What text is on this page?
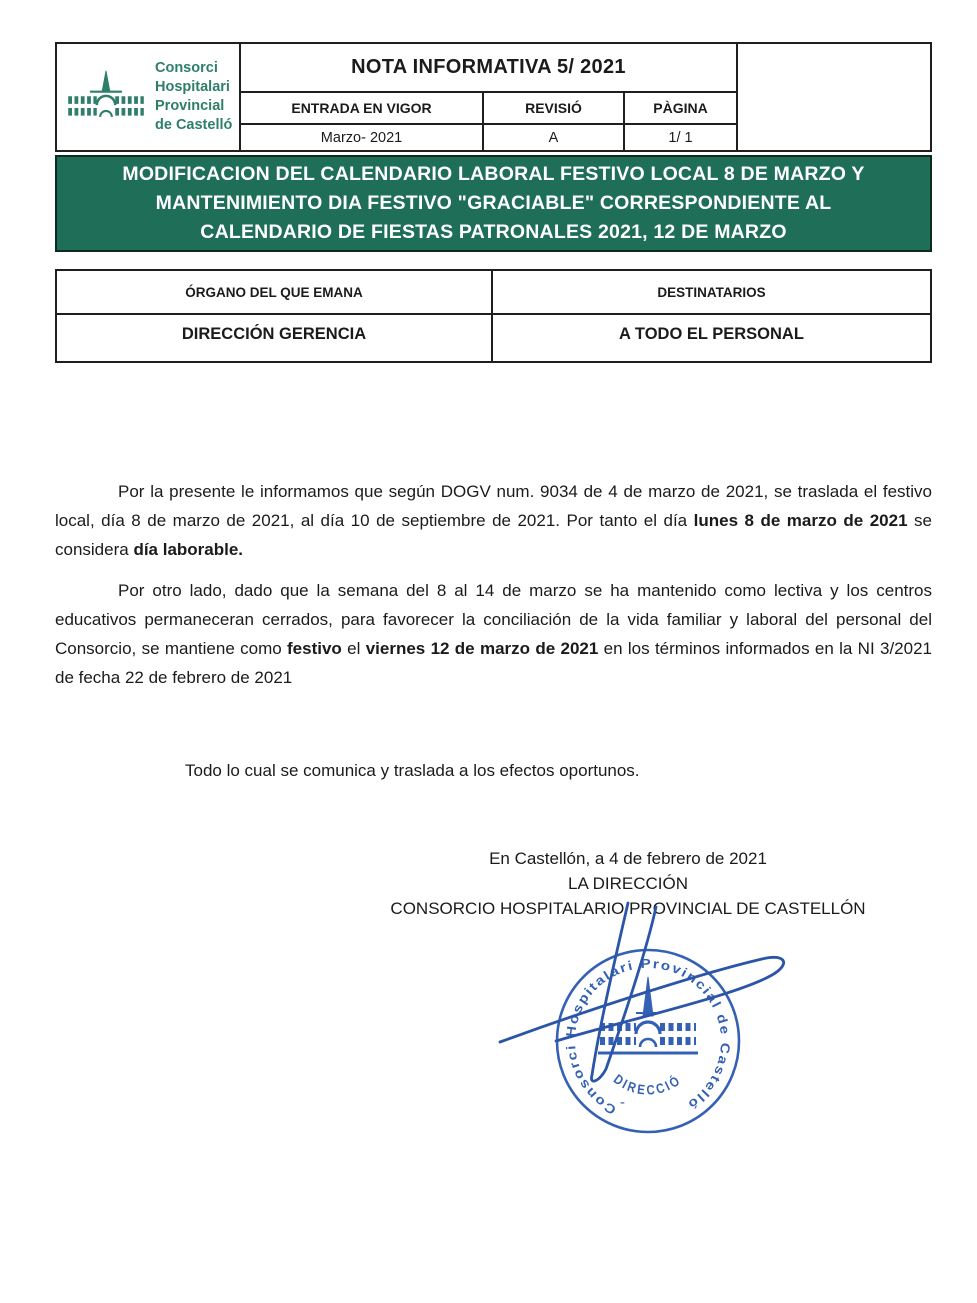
Consorci Hospitalari
Provincial de Castelló
NOTA INFORMATIVA 5/ 2021
ENTRADA EN VIGOR	REVISIÓ	PÀGINA
Marzo- 2021	A	1/ 1
MODIFICACION DEL CALENDARIO LABORAL FESTIVO LOCAL 8 DE MARZO Y
MANTENIMIENTO DIA FESTIVO "GRACIABLE" CORRESPONDIENTE AL
CALENDARIO DE FIESTAS PATRONALES 2021, 12 DE MARZO
ÓRGANO DEL QUE EMANA	DESTINATARIOS
DIRECCIÓN GERENCIA	A TODO EL PERSONAL

Por la presente le informamos que según DOGV num. 9034 de 4 de marzo de 2021, se traslada el festivo local, día 8 de marzo de 2021, al día 10 de septiembre de 2021. Por tanto el día lunes 8 de marzo de 2021 se considera día laborable.

Por otro lado, dado que la semana del 8 al 14 de marzo se ha mantenido como lectiva y los centros educativos permaneceran cerrados, para favorecer la conciliación de la vida familiar y laboral del personal del Consorcio, se mantiene como festivo el viernes 12 de marzo de 2021 en los términos informados en la NI 3/2021 de fecha 22 de febrero de 2021

Todo lo cual se comunica y traslada a los efectos oportunos.
En Castellón, a 4 de febrero de 2021
LA DIRECCIÓN
CONSORCIO HOSPITALARIO PROVINCIAL DE CASTELLÓN
Consorci Hospitalari Provincial de Castelló
DIRECCIÓ
-
